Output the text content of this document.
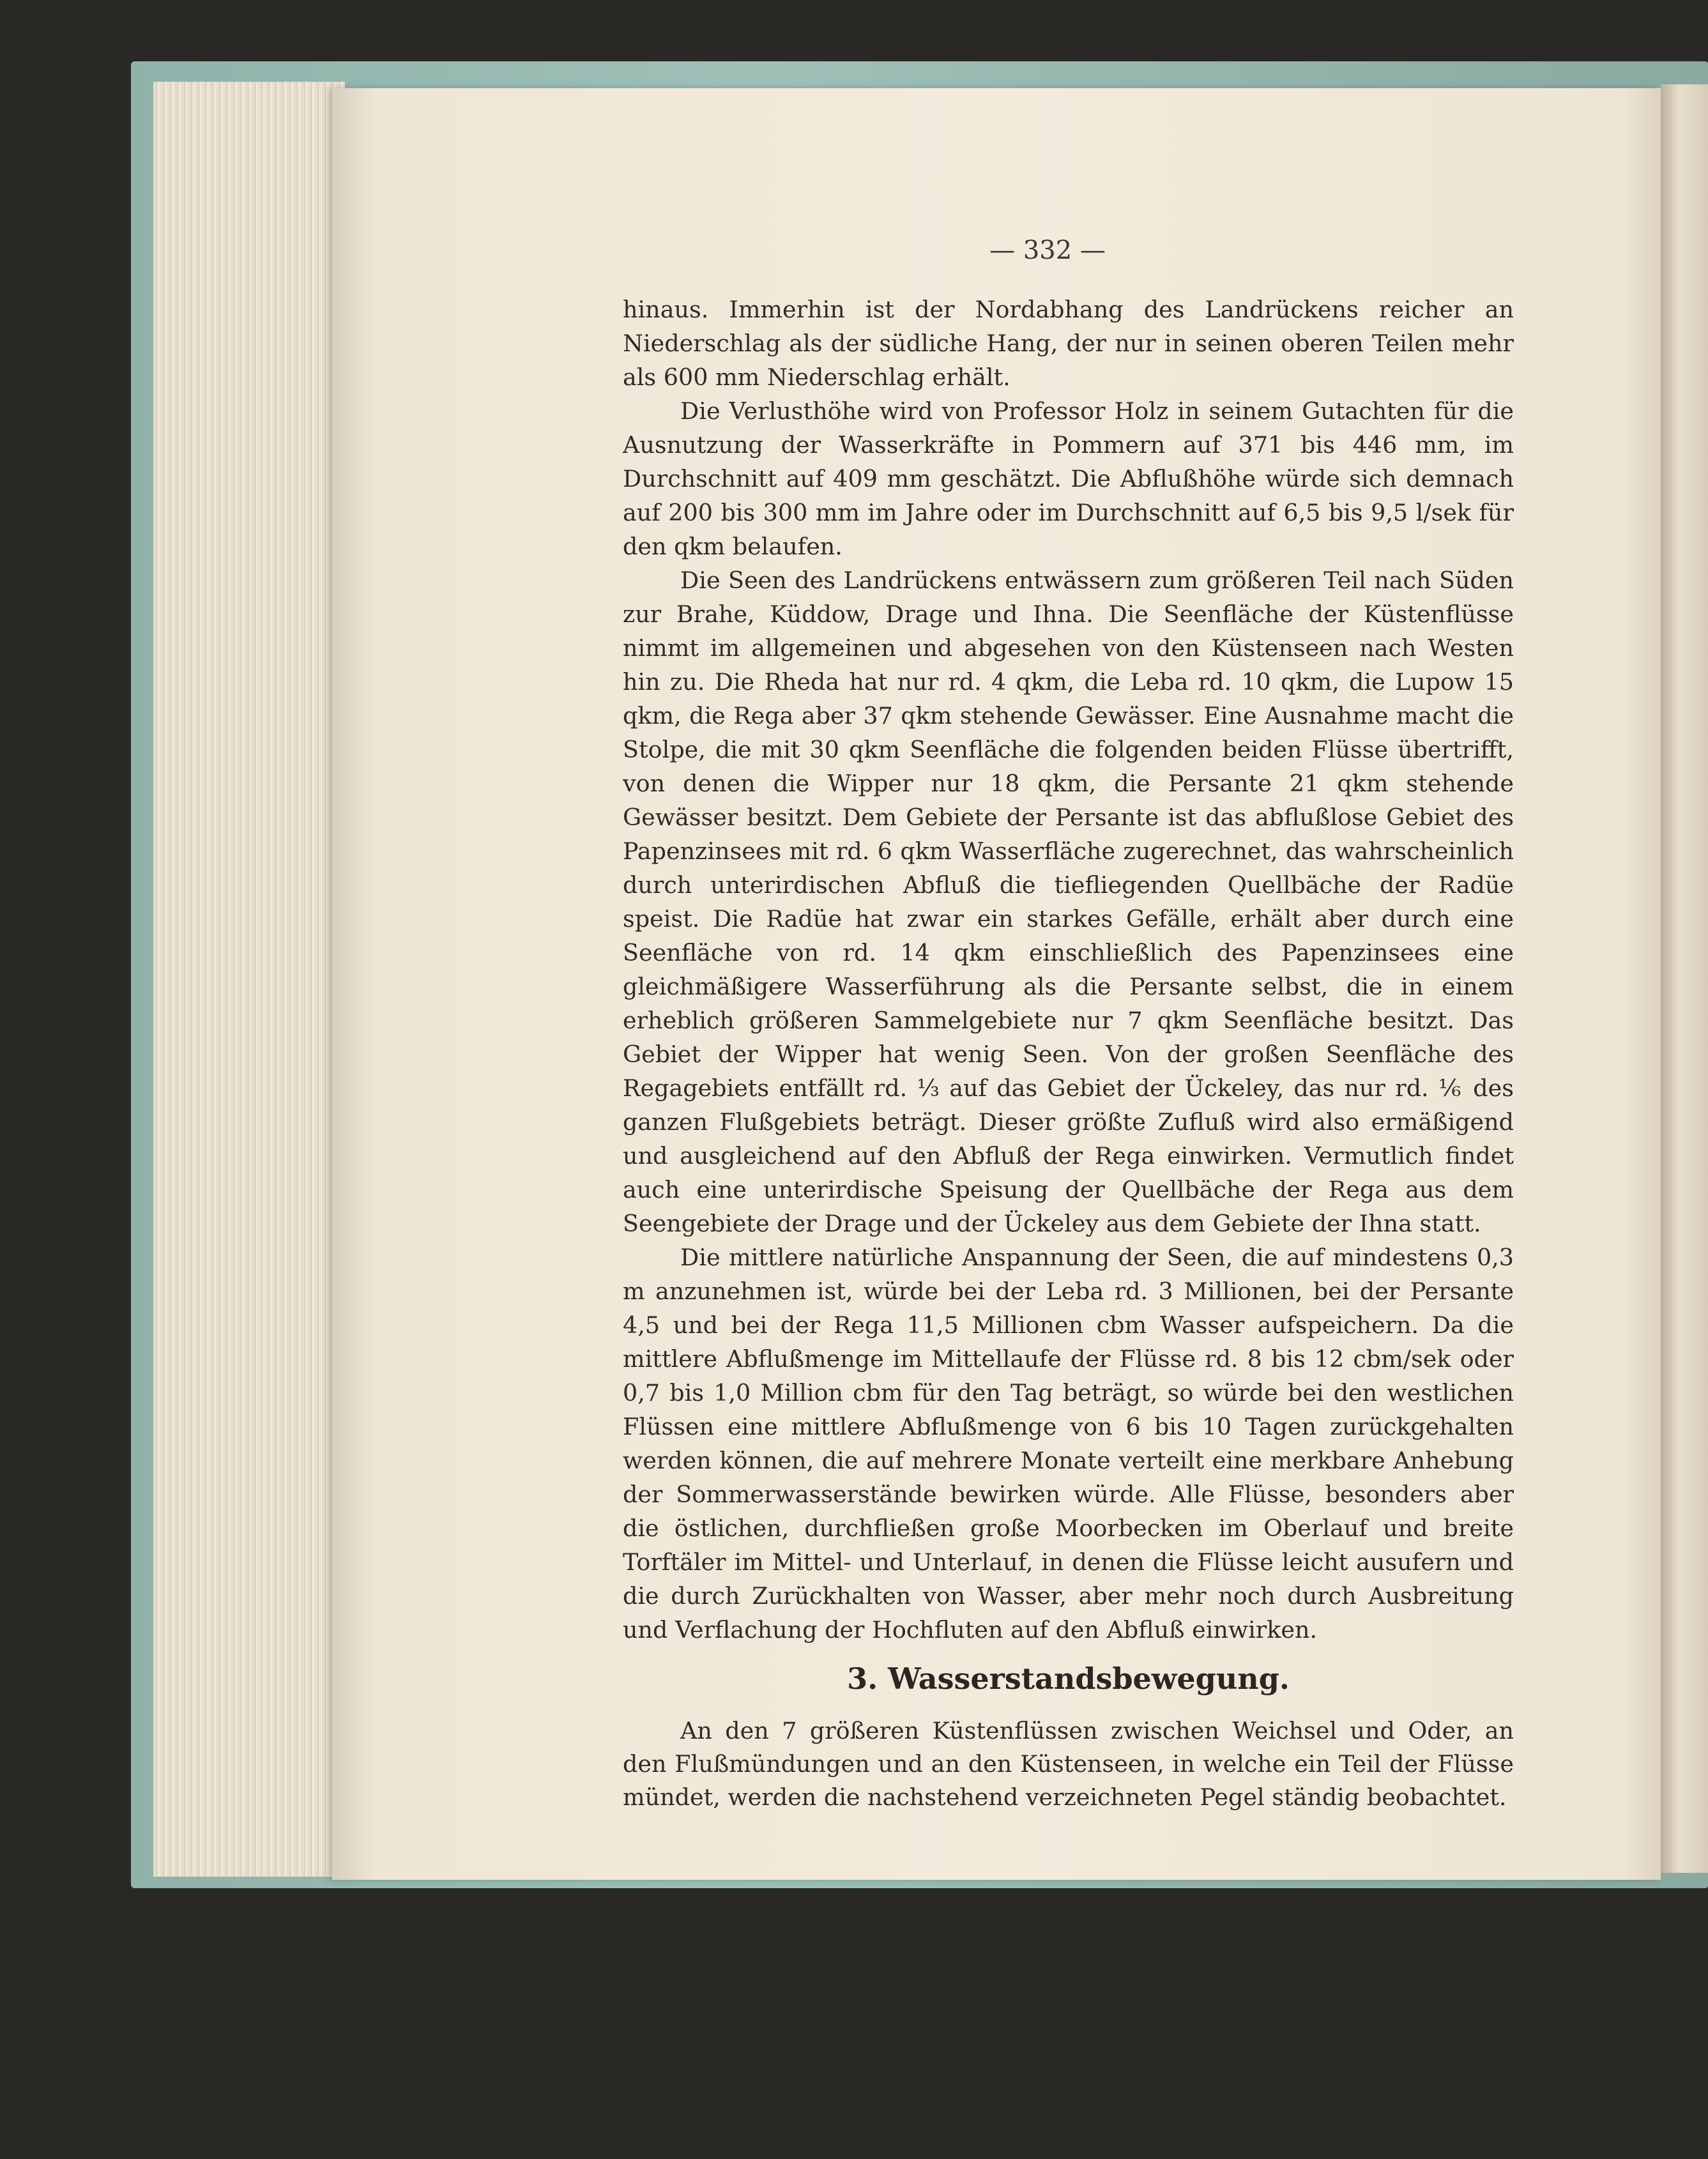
— 332 —

hinaus. Immerhin ist der Nordabhang des Landrückens reicher an Niederschlag als der südliche Hang, der nur in seinen oberen Teilen mehr als 600 mm Niederschlag erhält.

Die Verlusthöhe wird von Professor Holz in seinem Gutachten für die Ausnutzung der Wasserkräfte in Pommern auf 371 bis 446 mm, im Durchschnitt auf 409 mm geschätzt. Die Abflußhöhe würde sich demnach auf 200 bis 300 mm im Jahre oder im Durchschnitt auf 6,5 bis 9,5 l/sek für den qkm belaufen.

Die Seen des Landrückens entwässern zum größeren Teil nach Süden zur Brahe, Küddow, Drage und Ihna. Die Seenfläche der Küstenflüsse nimmt im allgemeinen und abgesehen von den Küstenseen nach Westen hin zu. Die Rheda hat nur rd. 4 qkm, die Leba rd. 10 qkm, die Lupow 15 qkm, die Rega aber 37 qkm stehende Gewässer. Eine Ausnahme macht die Stolpe, die mit 30 qkm Seenfläche die folgenden beiden Flüsse übertrifft, von denen die Wipper nur 18 qkm, die Persante 21 qkm stehende Gewässer besitzt. Dem Gebiete der Persante ist das abflußlose Gebiet des Papenzinsees mit rd. 6 qkm Wasserfläche zugerechnet, das wahrscheinlich durch unterirdischen Abfluß die tiefliegenden Quellbäche der Radüe speist. Die Radüe hat zwar ein starkes Gefälle, erhält aber durch eine Seenfläche von rd. 14 qkm einschließlich des Papenzinsees eine gleichmäßigere Wasserführung als die Persante selbst, die in einem erheblich größeren Sammelgebiete nur 7 qkm Seenfläche besitzt. Das Gebiet der Wipper hat wenig Seen. Von der großen Seenfläche des Regagebiets entfällt rd. ⅓ auf das Gebiet der Ückeley, das nur rd. ⅙ des ganzen Flußgebiets beträgt. Dieser größte Zufluß wird also ermäßigend und ausgleichend auf den Abfluß der Rega einwirken. Vermutlich findet auch eine unterirdische Speisung der Quellbäche der Rega aus dem Seengebiete der Drage und der Ückeley aus dem Gebiete der Ihna statt.

Die mittlere natürliche Anspannung der Seen, die auf mindestens 0,3 m anzunehmen ist, würde bei der Leba rd. 3 Millionen, bei der Persante 4,5 und bei der Rega 11,5 Millionen cbm Wasser aufspeichern. Da die mittlere Abflußmenge im Mittellaufe der Flüsse rd. 8 bis 12 cbm/sek oder 0,7 bis 1,0 Million cbm für den Tag beträgt, so würde bei den westlichen Flüssen eine mittlere Abflußmenge von 6 bis 10 Tagen zurückgehalten werden können, die auf mehrere Monate verteilt eine merkbare Anhebung der Sommerwasserstände bewirken würde. Alle Flüsse, besonders aber die östlichen, durchfließen große Moorbecken im Oberlauf und breite Torftäler im Mittel- und Unterlauf, in denen die Flüsse leicht ausufern und die durch Zurückhalten von Wasser, aber mehr noch durch Ausbreitung und Verflachung der Hochfluten auf den Abfluß einwirken.

3. Wasserstandsbewegung.

An den 7 größeren Küstenflüssen zwischen Weichsel und Oder, an den Flußmündungen und an den Küstenseen, in welche ein Teil der Flüsse mündet, werden die nachstehend verzeichneten Pegel ständig beobachtet.
